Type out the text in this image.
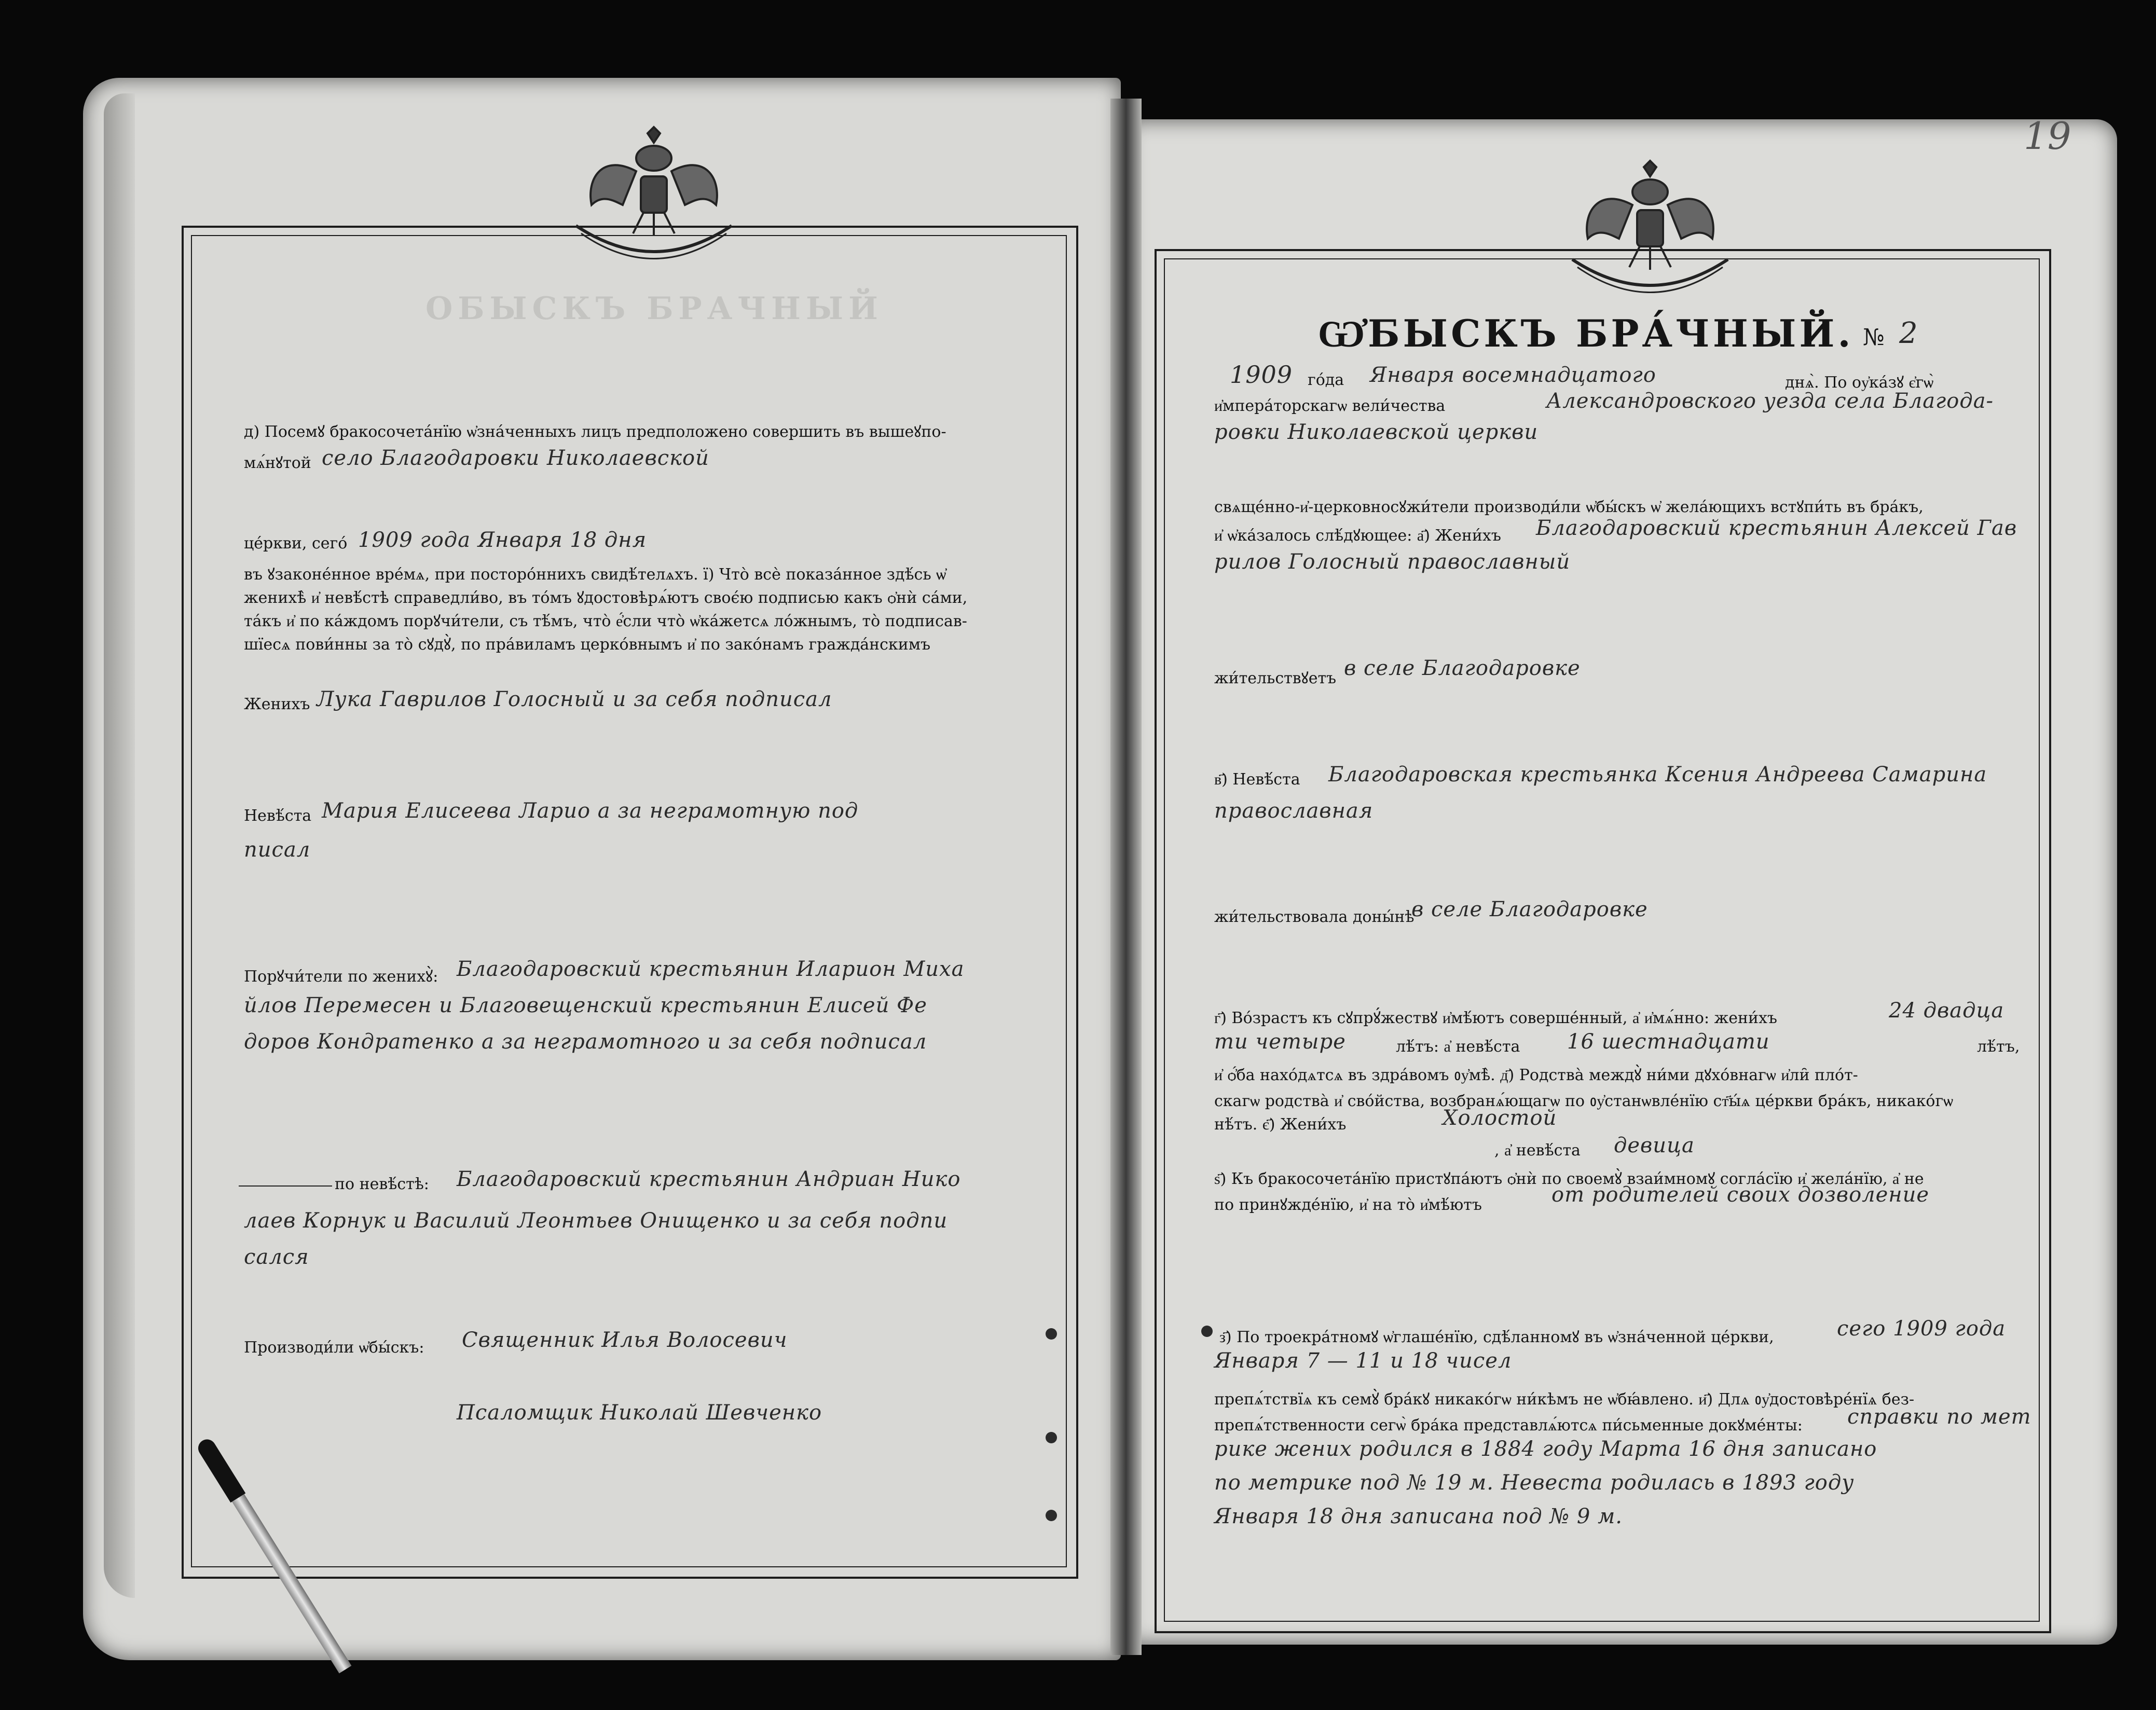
ОБЫСКЪ БРАЧНЫЙ
д) Посемꙋ бракосочета́нїю ѡ҆зна́ченныхъ лицъ предположено совершить въ вышеꙋпо-
мѧ́нꙋтой село Благодаровки Николаевской
це́ркви, сего́ 1909 года Января 18 дня
въ ꙋзаконе́нное вре́мѧ, при посторо́ннихъ свидѣ́телѧхъ. ї) Что̀ всѐ показа́нное здѣ́сь ѡ҆
женихѣ̀ и҆ невѣ́стѣ справедли́во, въ то́мъ ꙋдостовѣрѧ́ютъ своє́ю подписью какъ ѻ҆нѝ са́ми,
та́къ и҆ по ка́ждомъ порꙋчи́тели, съ тѣ́мъ, что̀ е҆́сли что̀ ѡ҆ка́жетсѧ ло́жнымъ, то̀ подписав-
шїесѧ пови́нны за то̀ сꙋдꙋ̀, по пра́виламъ церко́внымъ и҆ по зако́намъ гражда́нскимъ
Женихъ Лука Гаврилов Голосный и за себя подписал
Невѣ́ста Мария Елисеева Ларио а за неграмотную под
писал
Порꙋчи́тели по женихꙋ̀: Благодаровский крестьянин Иларион Миха
йлов Перемесен и Благовещенский крестьянин Елисей Фе
доров Кондратенко а за неграмотного и за себя подписал
по невѣ́стѣ: Благодаровский крестьянин Андриан Нико
лаев Корнук и Василий Леонтьев Онищенко и за себя подпи
сался
Производи́ли ѡ҆бы́скъ: Священник Илья Волосевич
Псаломщик Николай Шевченко
19
Ѡ҆БЫСКЪ БРА́ЧНЫЙ. № 2
1909 го́да Января восемнадцатого	днѧ̀. По оу҆ка́зꙋ є҆гѡ̀
и҆мпера́торскагѡ вели́чества	Александровского уезда села Благода-
ровки Николаевской церкви
свѧще́нно-и҆-церковносꙋжи́тели производи́ли ѡ҆бы́скъ ѡ҆ жела́ющихъ встꙋпи́ть въ бра́къ,
и҆ ѡ҆ка́залось слѣ́дꙋющее: а҃) Жени́хъ Благодаровский крестьянин Алексей Гав
рилов Голосный православный
жи́тельствꙋетъ в селе Благодаровке
в҃) Невѣ́ста Благодаровская крестьянка Ксения Андреева Самарина
православная
жи́тельствовала доны́нѣ
в селе Благодаровке
г҃) Во́зрастъ къ сꙋпрꙋ́жествꙋ и҆мѣ́ютъ соверше́нный, а҆ и҆мѧ́нно: жени́хъ	24 двадца
ти четыре	лѣ́тъ: а҆ невѣ́ста 16 шестнадцати	лѣ́тъ,
и҆ ѻ҆́ба нахо́дѧтсѧ въ здра́вомъ ᲂу҆мѣ̀. д҃) Родства̀ междꙋ̀ ни́ми дꙋхо́внагѡ и҆ли̑ пло́т-
скагѡ родства̀ и҆ сво́йства, возбранѧ́ющагѡ по ᲂу҆станѡвле́нїю ст҃ы́ѧ це́ркви бра́къ, никако́гѡ
нѣ́тъ. є҃) Жени́хъ	Холостой
, а҆ невѣ́ста девица
ѕ҃) Къ бракосочета́нїю пристꙋпа́ютъ ѻ҆нѝ по своемꙋ̀ взаи́мномꙋ согла́сїю и҆ жела́нїю, а҆ не
по принꙋжде́нїю, и҆ на то̀ и҆мѣ́ютъ	от родителей своих дозволение
з҃) По троекра́тномꙋ ѡ҆глаше́нїю, сдѣ́ланномꙋ въ ѡ҆зна́ченной це́ркви,	сего 1909 года
Января 7 — 11 и 18 чисел
препѧ́тствїѧ къ семꙋ̀ бра́кꙋ никако́гѡ ни́кѣмъ не ѡ҆бꙗ́влено. и҃) Длѧ ᲂу҆достовѣре́нїѧ без-
препѧ́тственности сегѡ̀ бра́ка представлѧ́ютсѧ пи́сьменные докꙋме́нты: справки по мет
рике жених родился в 1884 году Марта 16 дня записано
по метрике под № 19 м. Невеста родилась в 1893 году
Января 18 дня записана под № 9 м.
